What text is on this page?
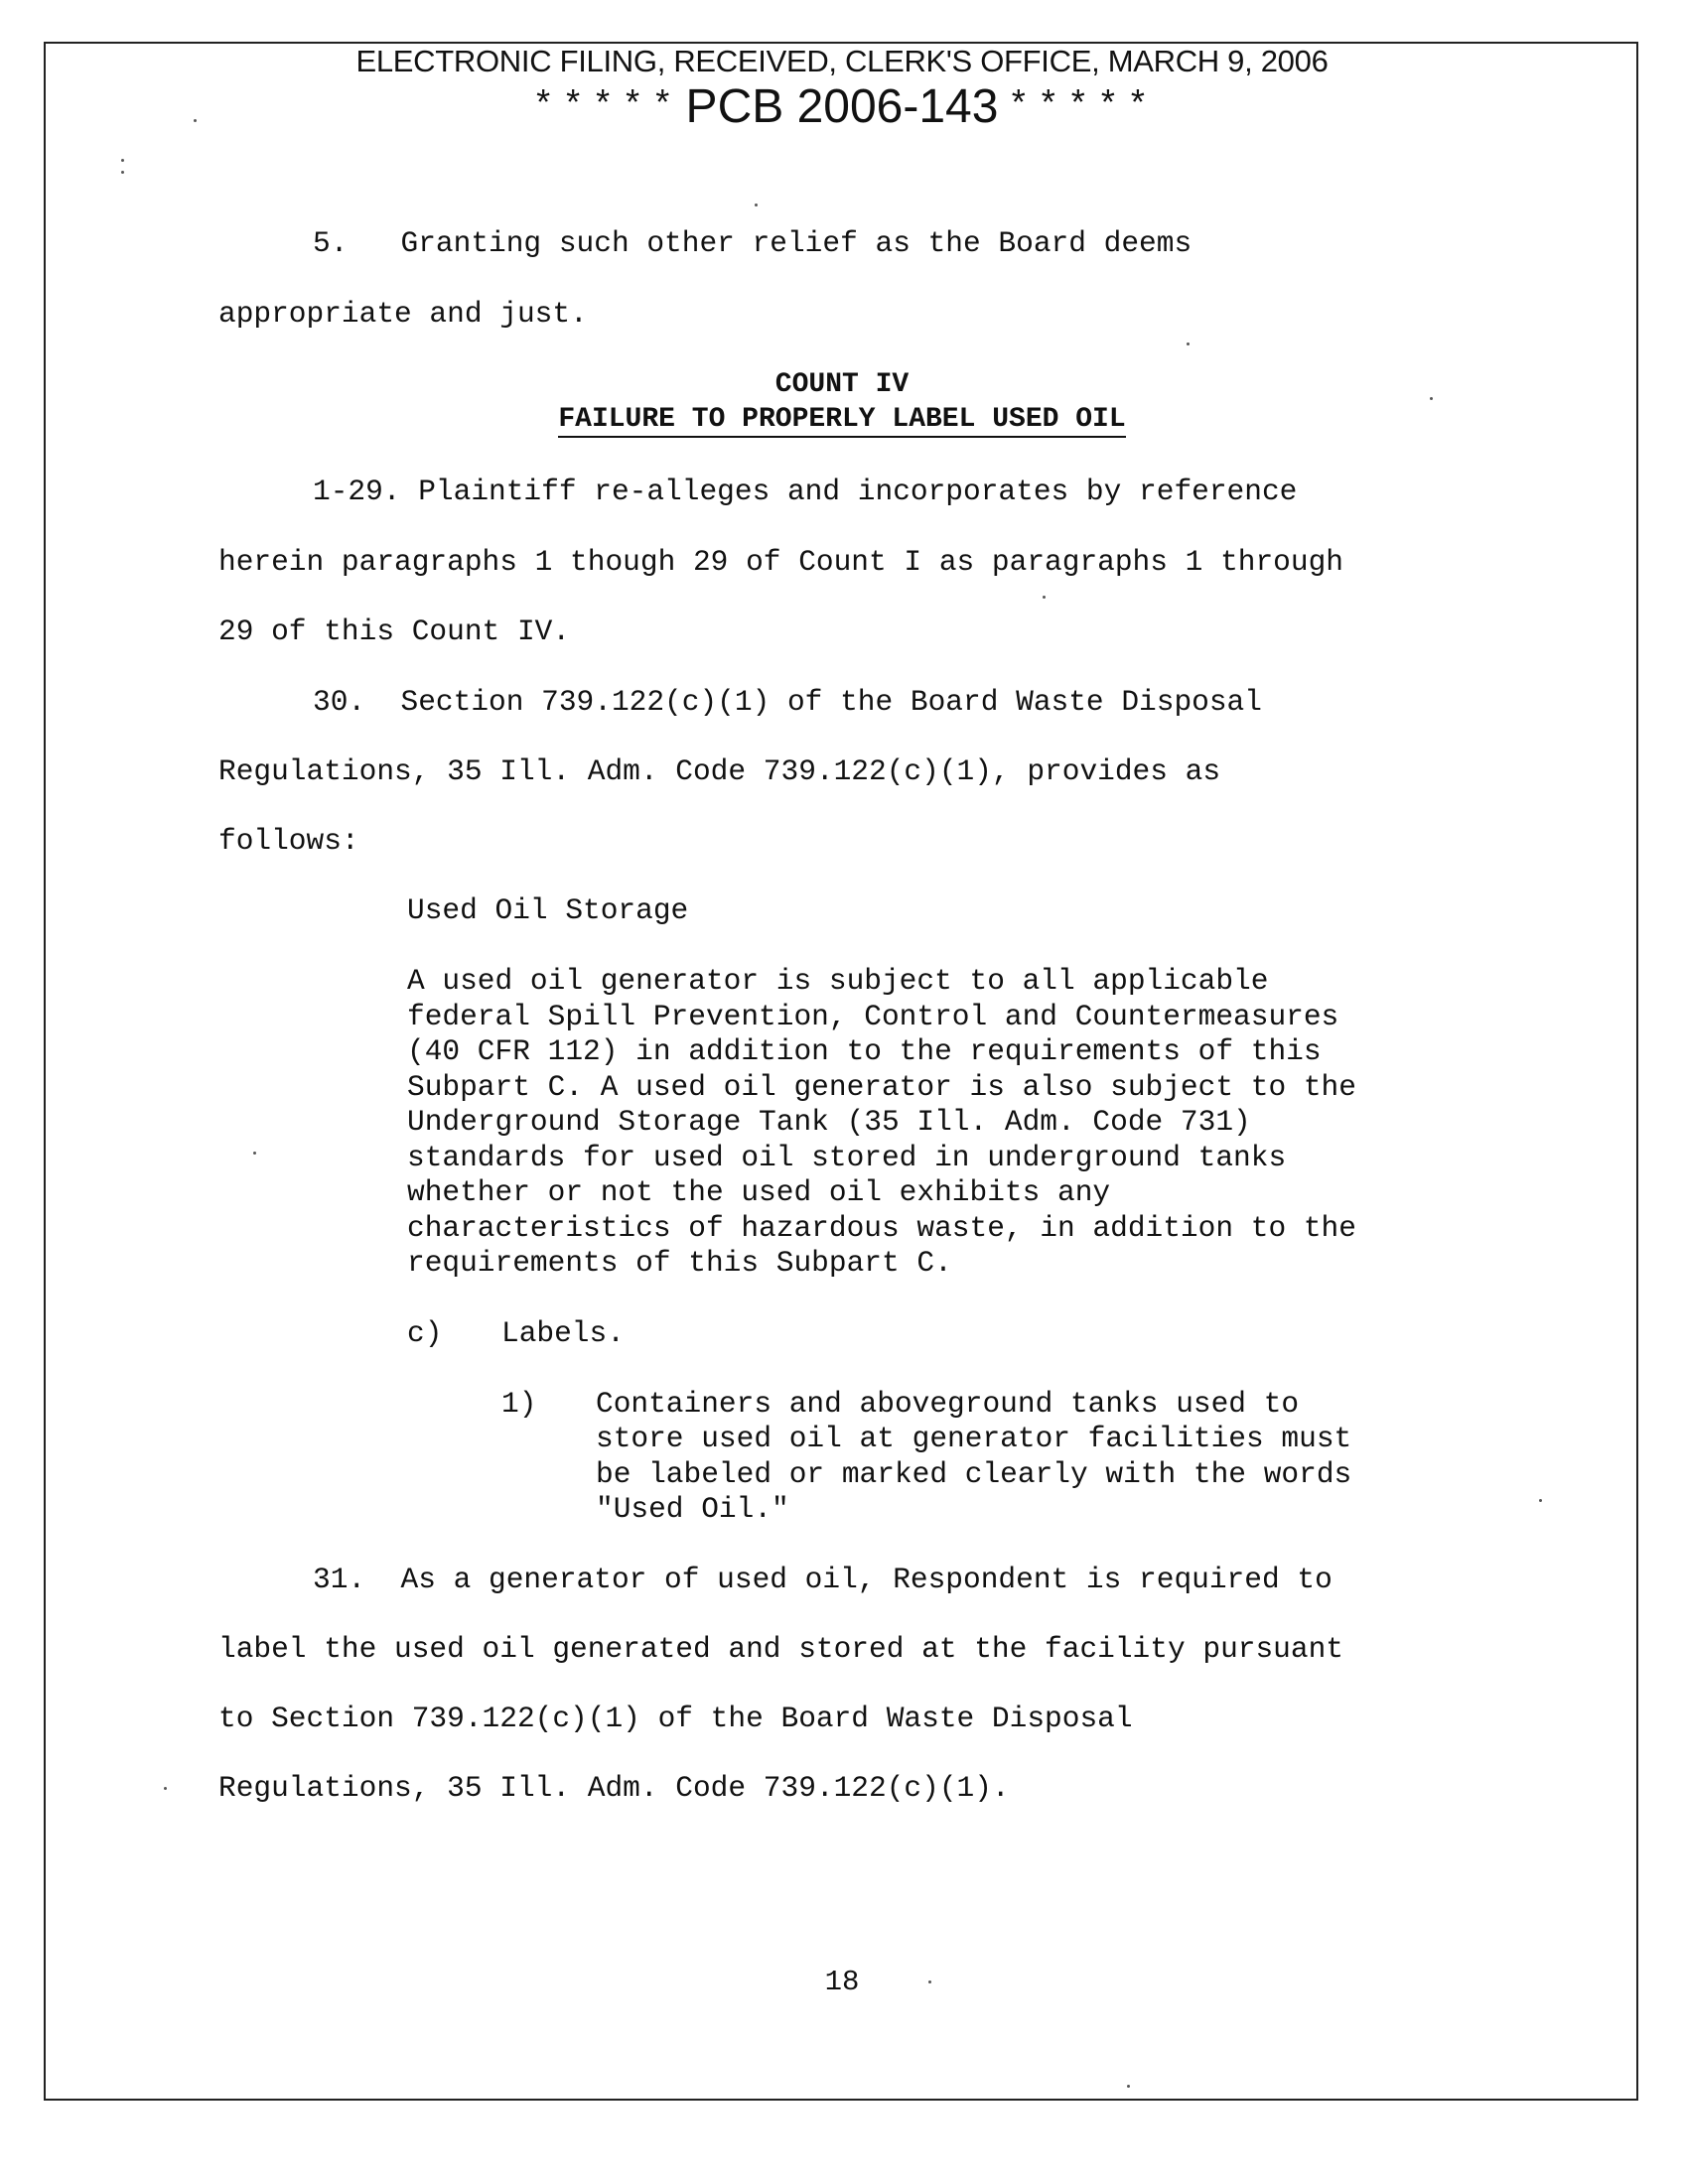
ELECTRONIC FILING, RECEIVED, CLERK'S OFFICE, MARCH 9, 2006
* * * * * PCB 2006-143 * * * * *
5.   Granting such other relief as the Board deems
appropriate and just.
COUNT IV
FAILURE TO PROPERLY LABEL USED OIL
1-29. Plaintiff re-alleges and incorporates by reference
herein paragraphs 1 though 29 of Count I as paragraphs 1 through
29 of this Count IV.
30.  Section 739.122(c)(1) of the Board Waste Disposal
Regulations, 35 Ill. Adm. Code 739.122(c)(1), provides as
follows:
Used Oil Storage
A used oil generator is subject to all applicable
federal Spill Prevention, Control and Countermeasures
(40 CFR 112) in addition to the requirements of this
Subpart C. A used oil generator is also subject to the
Underground Storage Tank (35 Ill. Adm. Code 731)
standards for used oil stored in underground tanks
whether or not the used oil exhibits any
characteristics of hazardous waste, in addition to the
requirements of this Subpart C.
c) Labels.
1) Containers and aboveground tanks used to
store used oil at generator facilities must
be labeled or marked clearly with the words
"Used Oil."
31.  As a generator of used oil, Respondent is required to
label the used oil generated and stored at the facility pursuant
to Section 739.122(c)(1) of the Board Waste Disposal
Regulations, 35 Ill. Adm. Code 739.122(c)(1).
18
